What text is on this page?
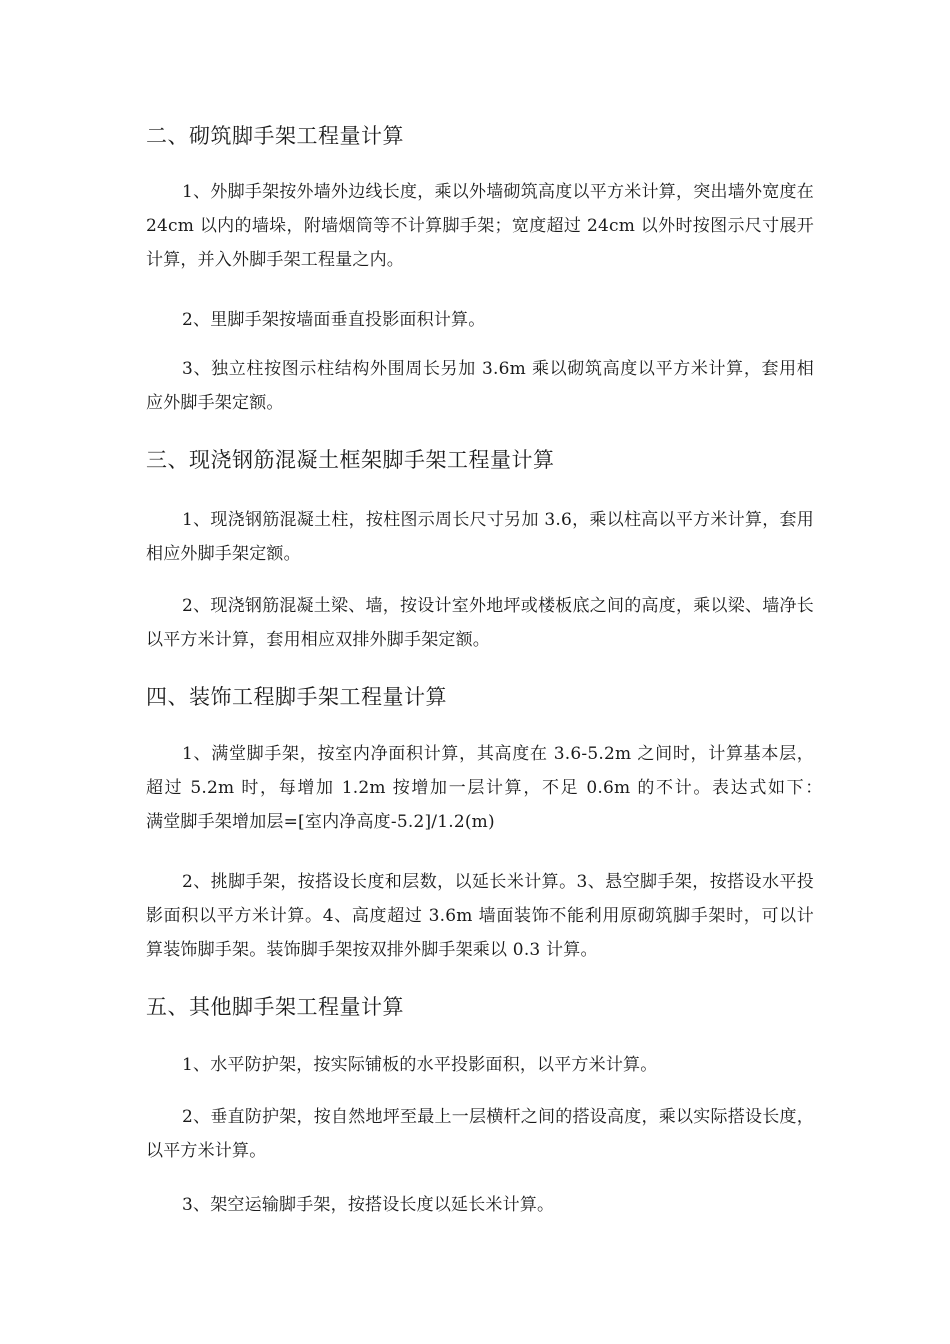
二、砌筑脚手架工程量计算
1、外脚手架按外墙外边线长度，乘以外墙砌筑高度以平方米计算，突出墙外宽度在 24cm 以内的墙垛，附墙烟筒等不计算脚手架；宽度超过 24cm 以外时按图示尺寸展开计算，并入外脚手架工程量之内。
2、里脚手架按墙面垂直投影面积计算。
3、独立柱按图示柱结构外围周长另加 3.6m 乘以砌筑高度以平方米计算，套用相应外脚手架定额。
三、现浇钢筋混凝土框架脚手架工程量计算
1、现浇钢筋混凝土柱，按柱图示周长尺寸另加 3.6，乘以柱高以平方米计算，套用相应外脚手架定额。
2、现浇钢筋混凝土梁、墙，按设计室外地坪或楼板底之间的高度，乘以梁、墙净长以平方米计算，套用相应双排外脚手架定额。
四、装饰工程脚手架工程量计算
1、满堂脚手架，按室内净面积计算，其高度在 3.6-5.2m 之间时，计算基本层，超过 5.2m 时，每增加 1.2m 按增加一层计算，不足 0.6m 的不计。表达式如下：　　满堂脚手架增加层=[室内净高度-5.2]/1.2(m)
2、挑脚手架，按搭设长度和层数，以延长米计算。3、悬空脚手架，按搭设水平投影面积以平方米计算。4、高度超过 3.6m 墙面装饰不能利用原砌筑脚手架时，可以计算装饰脚手架。装饰脚手架按双排外脚手架乘以 0.3 计算。
五、其他脚手架工程量计算
1、水平防护架，按实际铺板的水平投影面积，以平方米计算。
2、垂直防护架，按自然地坪至最上一层横杆之间的搭设高度，乘以实际搭设长度，以平方米计算。
3、架空运输脚手架，按搭设长度以延长米计算。
